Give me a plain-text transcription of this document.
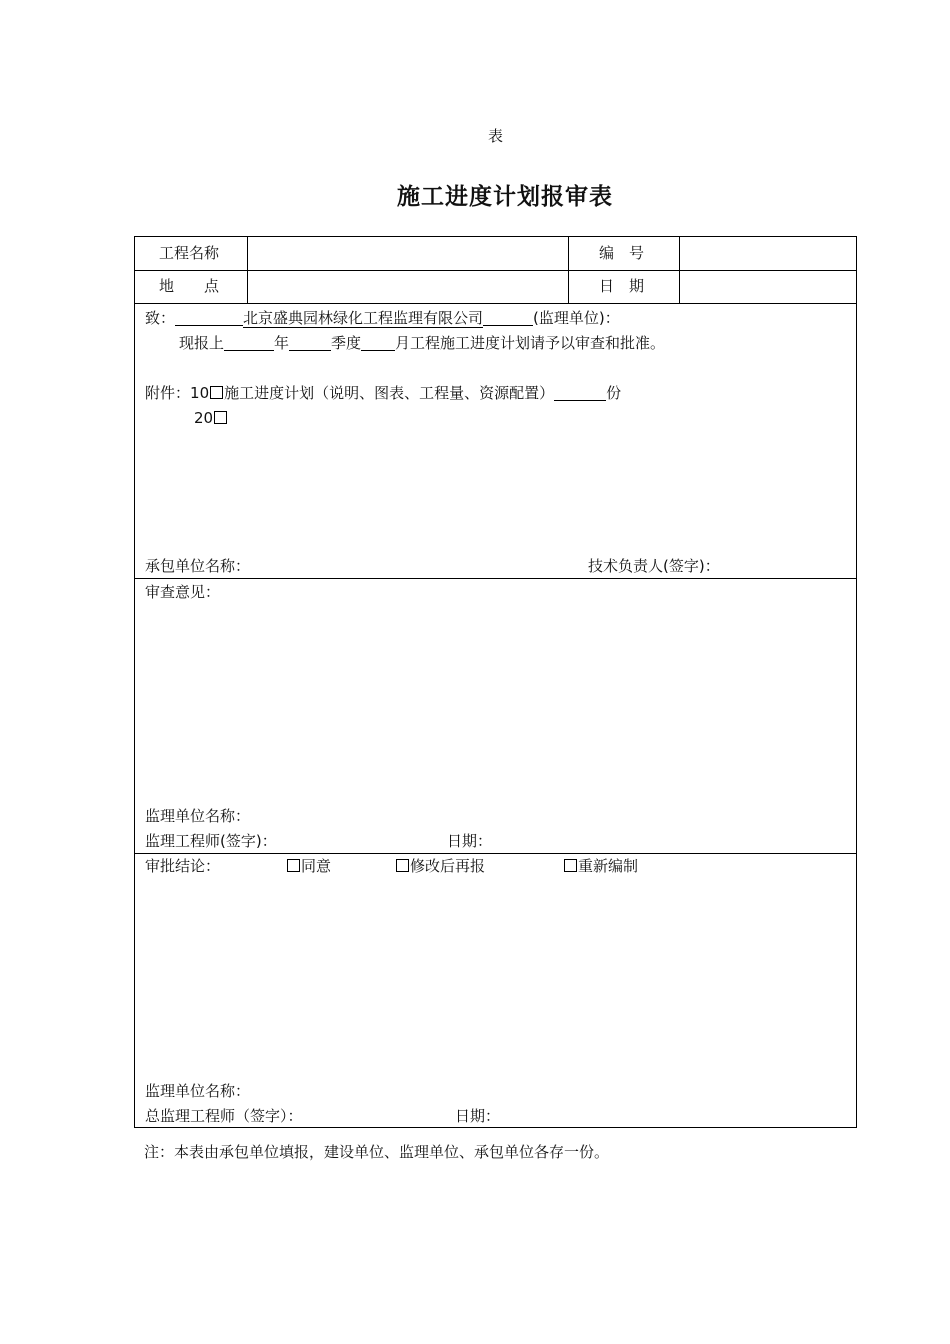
表
施工进度计划报审表
工程名称	编　号
地　　点	日　期
致：	北京盛典园林绿化工程监理有限公司	(监理单位)：
现报上	年	季度 月工程施工进度计划请予以审查和批准。
附件：10 施工进度计划（说明、图表、工程量、资源配置）	份
20
承包单位名称：	技术负责人(签字)：
审查意见：
监理单位名称：
监理工程师(签字)：	日期：
审批结论：	同意	修改后再报	重新编制
监理单位名称：
总监理工程师（签字）：	日期：
注：本表由承包单位填报，建设单位、监理单位、承包单位各存一份。
